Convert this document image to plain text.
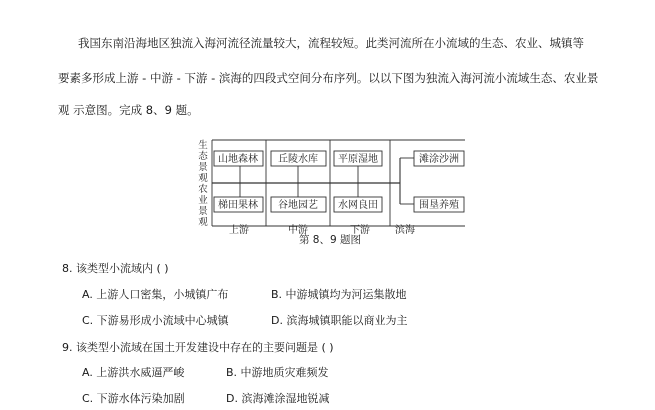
我国东南沿海地区独流入海河流径流量较大，流程较短。此类河流所在小流域的生态、农业、城镇等
要素多形成上游 - 中游 - 下游 - 滨海的四段式空间分布序列。以以下图为独流入海河流小流域生态、农业景
观 示意图。完成 8、9 题。
山地森林 丘陵水库 平原湿地
梯田果林 谷地园艺 水网良田
滩涂沙洲
围垦养殖
生态景观
农业景观
上游	中游	下游	滨海
第 8、9 题图
8. 该类型小流域内 ( )
A. 上游人口密集，小城镇广布	B. 中游城镇均为河运集散地
C. 下游易形成小流域中心城镇	D. 滨海城镇职能以商业为主
9. 该类型小流域在国土开发建设中存在的主要问题是 ( )
A. 上游洪水威逼严峻	B. 中游地质灾难频发
C. 下游水体污染加剧	D. 滨海滩涂湿地锐减
